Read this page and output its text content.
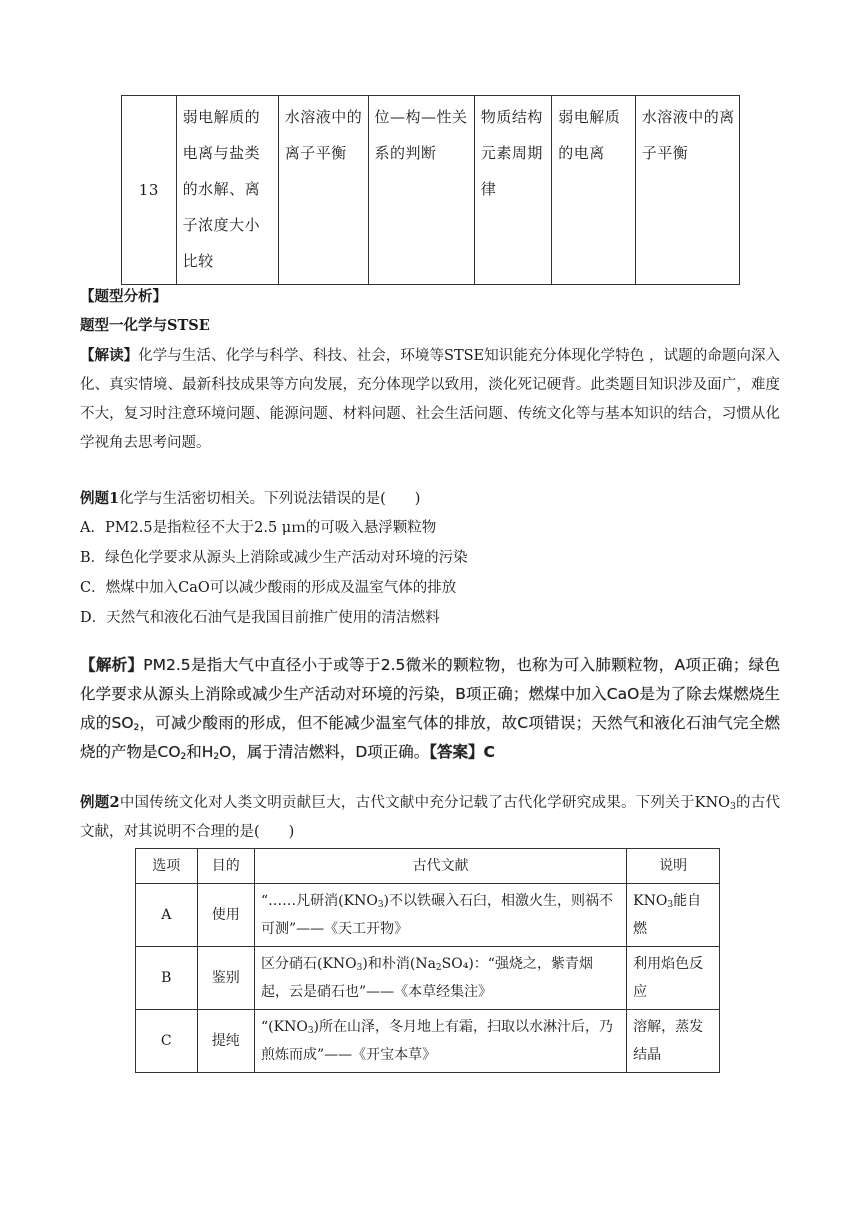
13	弱电解质的电离与盐类的水解、离子浓度大小比较	水溶液中的离子平衡	位—构—性关系的判断	物质结构元素周期律	弱电解质的电离	水溶液中的离子平衡
【题型分析】
题型一化学与STSE
【解读】化学与生活、化学与科学、科技、社会，环境等STSE知识能充分体现化学特色 ，试题的命题向深入化、真实情境、最新科技成果等方向发展，充分体现学以致用，淡化死记硬背。此类题目知识涉及面广，难度不大，复习时注意环境问题、能源问题、材料问题、社会生活问题、传统文化等与基本知识的结合，习惯从化学视角去思考问题。
例题1化学与生活密切相关。下列说法错误的是(　　)
A．PM2.5是指粒径不大于2.5 μｍ的可吸入悬浮颗粒物
B．绿色化学要求从源头上消除或减少生产活动对环境的污染
C．燃煤中加入CaO可以减少酸雨的形成及温室气体的排放
D．天然气和液化石油气是我国目前推广使用的清洁燃料
【解析】PM2.5是指大气中直径小于或等于2.5微米的颗粒物，也称为可入肺颗粒物，A项正确；绿色化学要求从源头上消除或减少生产活动对环境的污染，B项正确；燃煤中加入CaO是为了除去煤燃烧生成的$SO_2$，可减少酸雨的形成，但不能减少温室气体的排放，故C项错误；天然气和液化石油气完全燃烧的产物是$CO_2$和$H_2O$，属于清洁燃料，D项正确。【答案】C
例题2中国传统文化对人类文明贡献巨大，古代文献中充分记载了古代化学研究成果。下列关于$KNO_3$的古代文献，对其说明不合理的是(　　)
选项	目的	古代文献	说明
A	使用	“……凡研消$(KNO_3)$不以铁碾入石臼，相激火生，则祸不可测”——《天工开物》	$KNO_3$能自燃
B	鉴别	区分硝石$(KNO_3)$和朴消$(Na_2SO_4)$：“强烧之，紫青烟起，云是硝石也”——《本草经集注》	利用焰色反应
C	提纯	“$(KNO_3)$所在山泽，冬月地上有霜，扫取以水淋汁后，乃煎炼而成”——《开宝本草》	溶解，蒸发结晶
